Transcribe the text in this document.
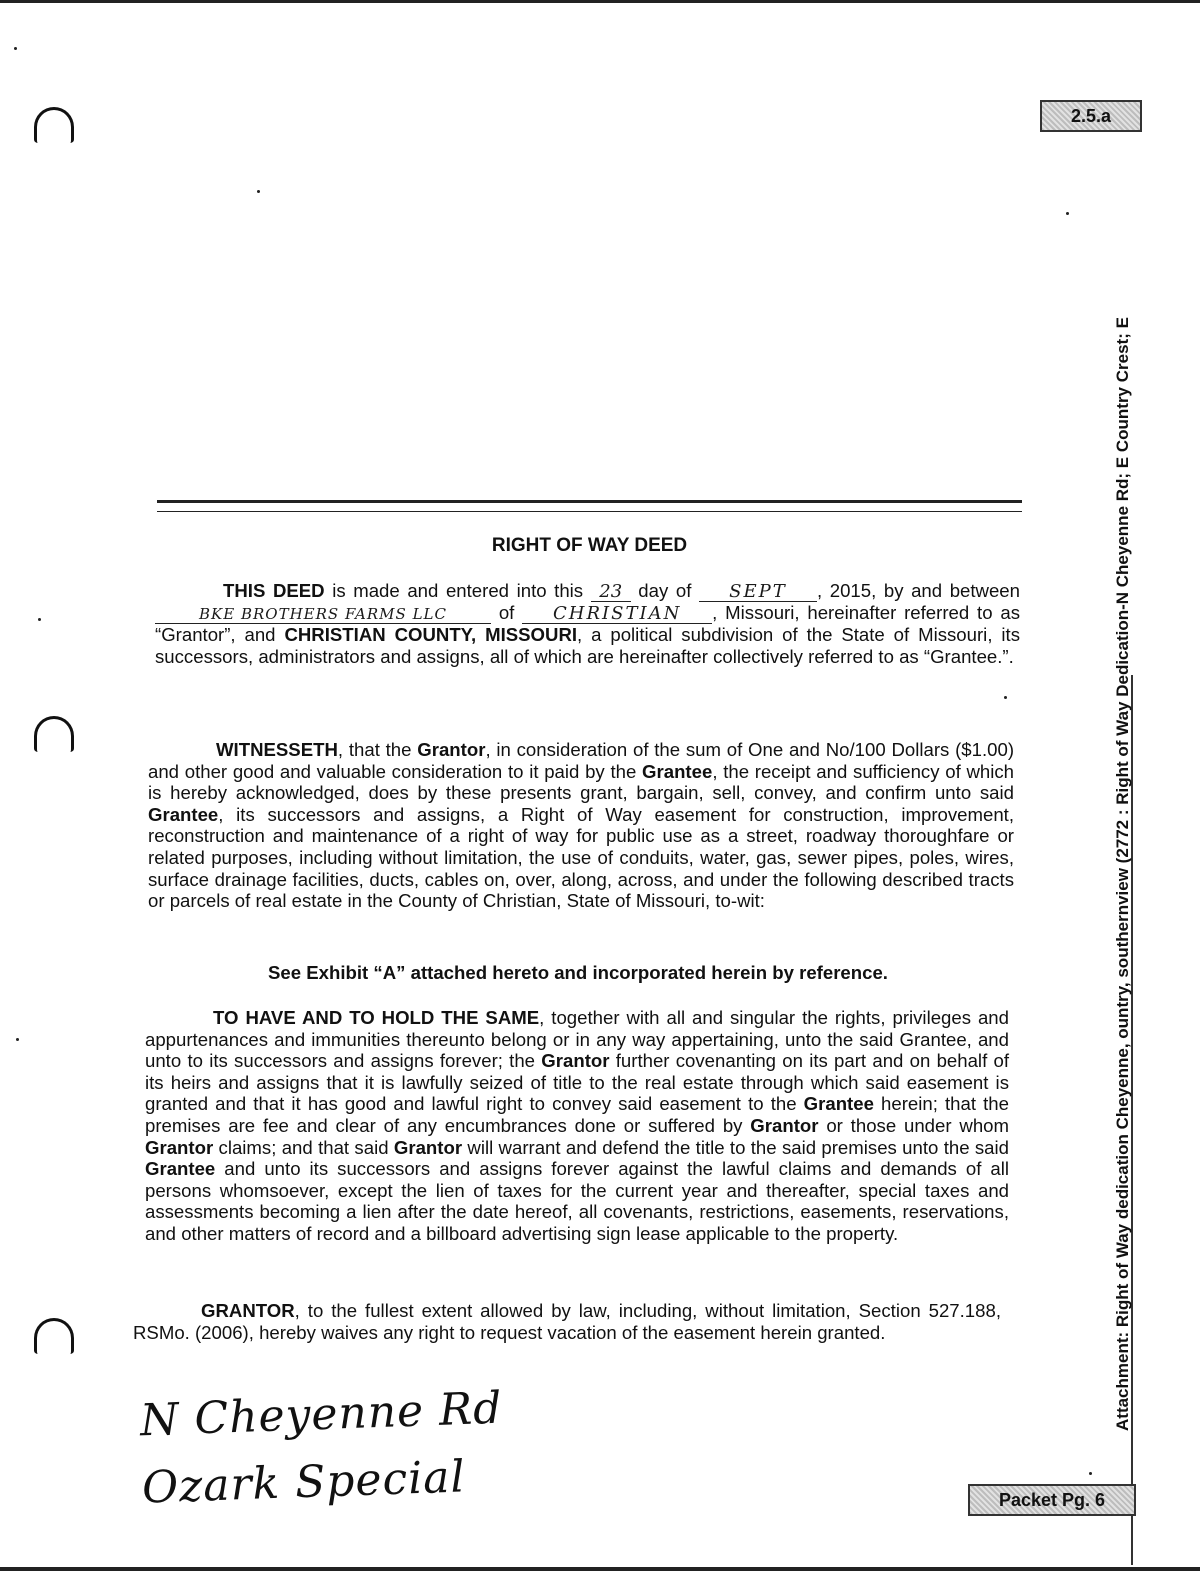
2.5.a
Attachment: Right of Way dedication Cheyenne, ountry, southernview (2772 : Right of Way Dedication-N Cheyenne Rd; E Country Crest; E
RIGHT OF WAY DEED

THIS DEED is made and entered into this 23 day of SEPT , 2015, by and between BKE BROTHERS FARMS LLC of CHRISTIAN , Missouri, hereinafter referred to as “Grantor”, and CHRISTIAN COUNTY, MISSOURI, a political subdivision of the State of Missouri, its successors, administrators and assigns, all of which are hereinafter collectively referred to as “Grantee.”.

WITNESSETH, that the Grantor, in consideration of the sum of One and No/100 Dollars ($1.00) and other good and valuable consideration to it paid by the Grantee, the receipt and sufficiency of which is hereby acknowledged, does by these presents grant, bargain, sell, convey, and confirm unto said Grantee, its successors and assigns, a Right of Way easement for construction, improvement, reconstruction and maintenance of a right of way for public use as a street, roadway thoroughfare or related purposes, including without limitation, the use of conduits, water, gas, sewer pipes, poles, wires, surface drainage facilities, ducts, cables on, over, along, across, and under the following described tracts or parcels of real estate in the County of Christian, State of Missouri, to-wit:

See Exhibit “A” attached hereto and incorporated herein by reference.

TO HAVE AND TO HOLD THE SAME, together with all and singular the rights, privileges and appurtenances and immunities thereunto belong or in any way appertaining, unto the said Grantee, and unto to its successors and assigns forever; the Grantor further covenanting on its part and on behalf of its heirs and assigns that it is lawfully seized of title to the real estate through which said easement is granted and that it has good and lawful right to convey said easement to the Grantee herein; that the premises are fee and clear of any encumbrances done or suffered by Grantor or those under whom Grantor claims; and that said Grantor will warrant and defend the title to the said premises unto the said Grantee and unto its successors and assigns forever against the lawful claims and demands of all persons whomsoever, except the lien of taxes for the current year and thereafter, special taxes and assessments becoming a lien after the date hereof, all covenants, restrictions, easements, reservations, and other matters of record and a billboard advertising sign lease applicable to the property.

GRANTOR, to the fullest extent allowed by law, including, without limitation, Section 527.188, RSMo. (2006), hereby waives any right to request vacation of the easement herein granted.

N Cheyenne Rd
Ozark Special	Packet Pg. 6
